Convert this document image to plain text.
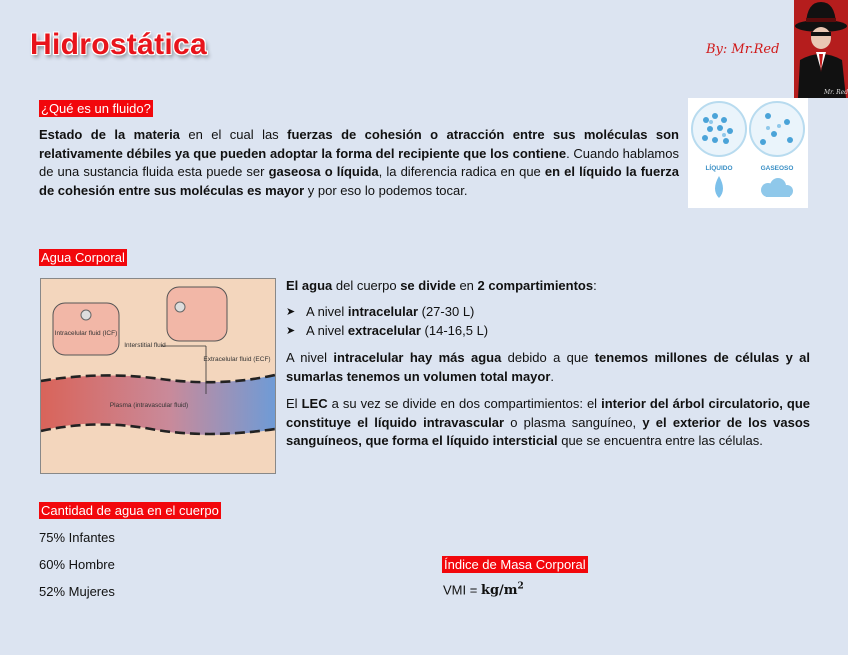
Hidrostática	By: Mr.Red
Mr. Red
¿Qué es un fluido?
Estado de la materia en el cual las fuerzas de cohesión o atracción entre sus moléculas son relativamente débiles ya que pueden adoptar la forma del recipiente que los contiene. Cuando hablamos de una sustancia fluida esta puede ser gaseosa o líquida, la diferencia radica en que en el líquido la fuerza de cohesión entre sus moléculas es mayor y por eso lo podemos tocar.
LÍQUIDO	GASEOSO
Agua Corporal
Intracelular fluid (ICF)
Interstitial fluid
Extracelular fluid (ECF)
Plasma (intravascular fluid)
El agua del cuerpo se divide en 2 compartimientos:
➤ A nivel intracelular (27-30 L)
➤ A nivel extracelular (14-16,5 L)
A nivel intracelular hay más agua debido a que tenemos millones de células y al sumarlas tenemos un volumen total mayor.
El LEC a su vez se divide en dos compartimientos: el interior del árbol circulatorio, que constituye el líquido intravascular o plasma sanguíneo, y el exterior de los vasos sanguíneos, que forma el líquido intersticial que se encuentra entre las células.
Cantidad de agua en el cuerpo
75% Infantes
60% Hombre
52% Mujeres
Índice de Masa Corporal
VMI = $kg/m^2$
